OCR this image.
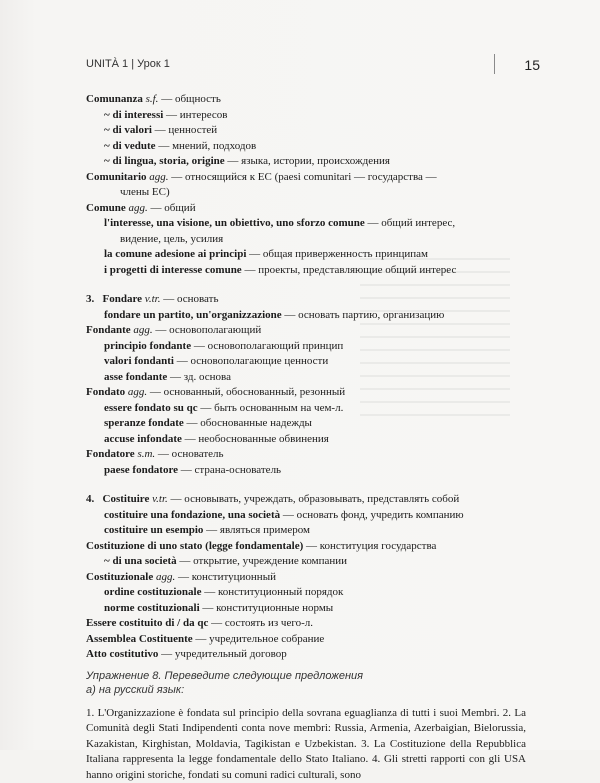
UNITÀ 1 | Урок 1	15
Comunanza s.f. — общность
~ di interessi — интересов
~ di valori — ценностей
~ di vedute — мнений, подходов
~ di lingua, storia, origine — языка, истории, происхождения
Comunitario agg. — относящийся к ЕС (paesi comunitari — государства —
члены ЕС)
Comune agg. — общий
l'interesse, una visione, un obiettivo, uno sforzo comune — общий интерес,
видение, цель, усилия
la comune adesione ai principi — общая приверженность принципам
i progetti di interesse comune — проекты, представляющие общий интерес
3. Fondare v.tr. — основать
fondare un partito, un'organizzazione — основать партию, организацию
Fondante agg. — основополагающий
principio fondante — основополагающий принцип
valori fondanti — основополагающие ценности
asse fondante — зд. основа
Fondato agg. — основанный, обоснованный, резонный
essere fondato su qc — быть основанным на чем-л.
speranze fondate — обоснованные надежды
accuse infondate — необоснованные обвинения
Fondatore s.m. — основатель
paese fondatore — страна-основатель
4. Costituire v.tr. — основывать, учреждать, образовывать, представлять собой
costituire una fondazione, una società — основать фонд, учредить компанию
costituire un esempio — являться примером
Costituzione di uno stato (legge fondamentale) — конституция государства
~ di una società — открытие, учреждение компании
Costituzionale agg. — конституционный
ordine costituzionale — конституционный порядок
norme costituzionali — конституционные нормы
Essere costituito di / da qc — состоять из чего-л.
Assemblea Costituente — учредительное собрание
Atto costitutivo — учредительный договор
Упражнение 8. Переведите следующие предложения
а) на русский язык:
1. L'Organizzazione è fondata sul principio della sovrana eguaglianza di tutti i suoi Membri. 2. La Comunità degli Stati Indipendenti conta nove membri: Russia, Armenia, Azerbaigian, Bielorussia, Kazakistan, Kirghistan, Moldavia, Tagikistan e Uzbekistan. 3. La Costituzione della Repubblica Italiana rappresenta la legge fondamentale dello Stato Italiano. 4. Gli stretti rapporti con gli USA hanno origini storiche, fondati su comuni radici culturali, sono
